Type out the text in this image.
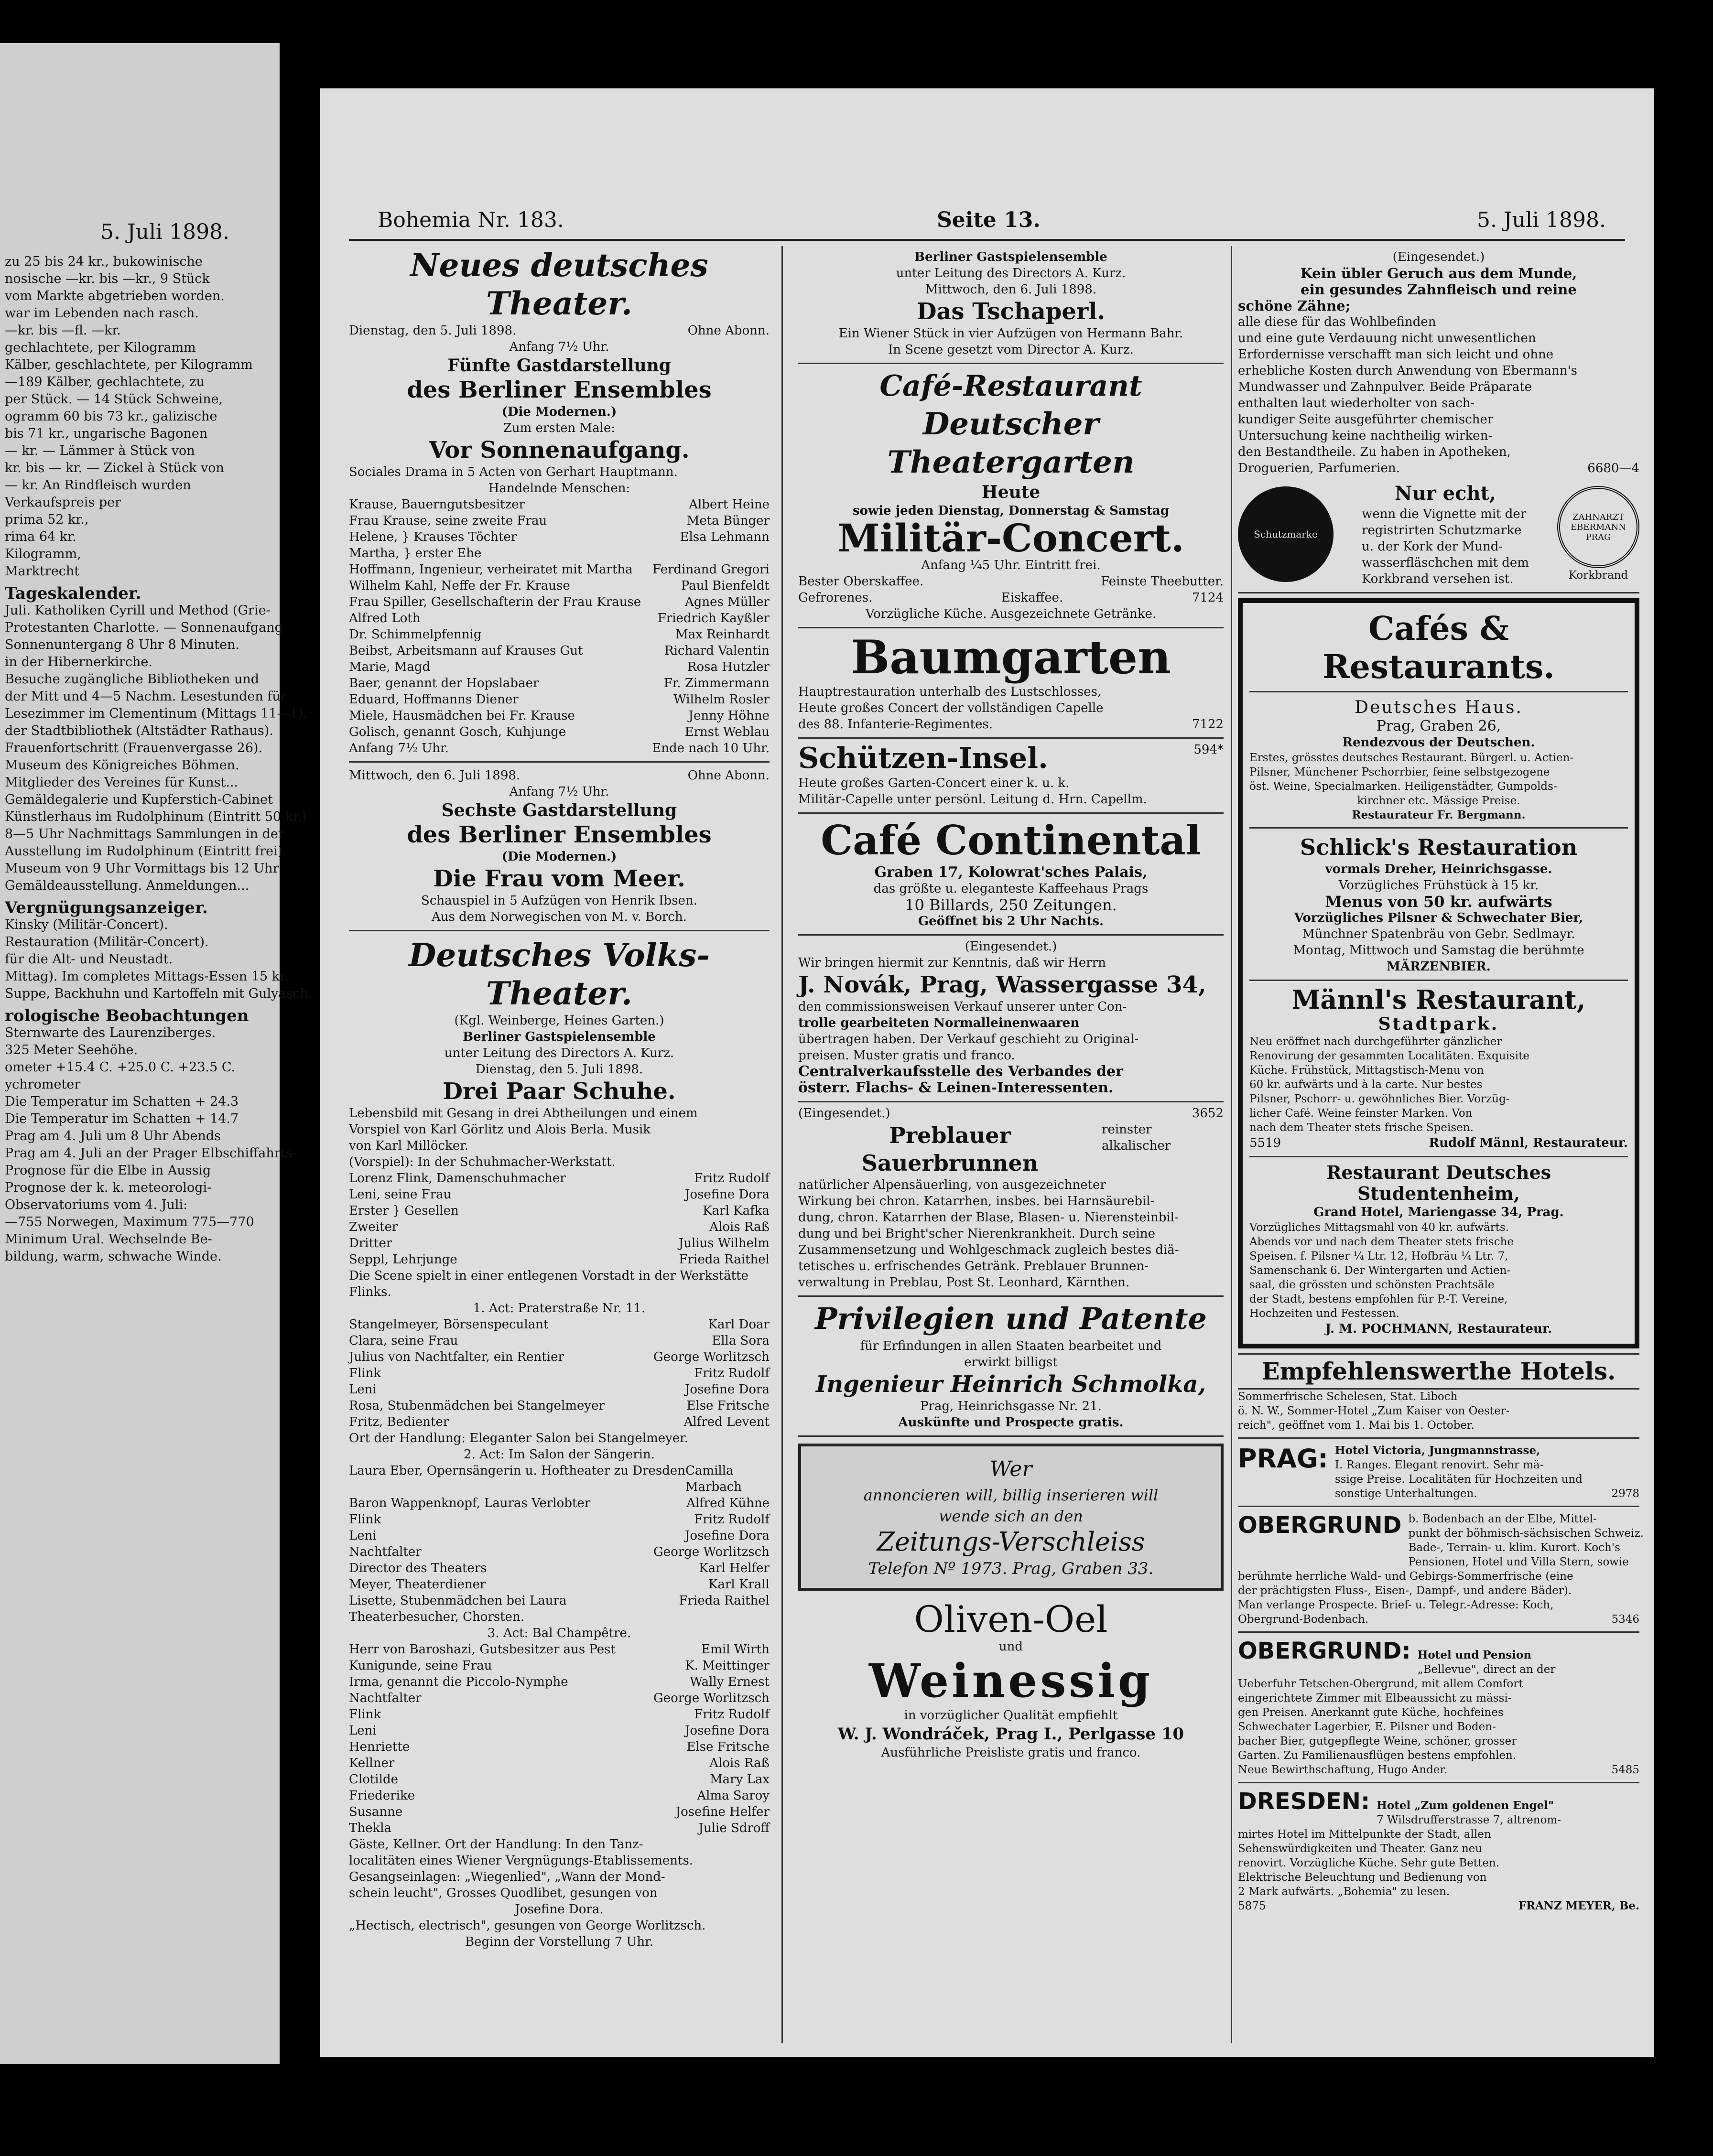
5. Juli 1898.
zu 25 bis 24 kr., bukowinische
nosische —kr. bis —kr., 9 Stück
vom Markte abgetrieben worden.
war im Lebenden nach rasch.
—kr. bis —fl. —kr.
gechlachtete, per Kilogramm
Kälber, geschlachtete, per Kilogramm
—189 Kälber, gechlachtete, zu
per Stück. — 14 Stück Schweine,
ogramm 60 bis 73 kr., galizische
bis 71 kr., ungarische Bagonen
— kr. — Lämmer à Stück von
kr. bis — kr. — Zickel à Stück von
— kr. An Rindfleisch wurden
Verkaufspreis per
prima 52 kr.,
rima 64 kr.
Kilogramm,
Marktrecht
Tageskalender.
Juli. Katholiken Cyrill und Method (Grie-
Protestanten Charlotte. — Sonnenaufgang
Sonnenuntergang 8 Uhr 8 Minuten.
in der Hibernerkirche.
Besuche zugängliche Bibliotheken und
der Mitt und 4—5 Nachm. Lesestunden für
Lesezimmer im Clementinum (Mittags 11—1).
der Stadtbibliothek (Altstädter Rathaus).
Frauenfortschritt (Frauenvergasse 26).
Museum des Königreiches Böhmen.
Mitglieder des Vereines für Kunst...
Gemäldegalerie und Kupferstich-Cabinet
Künstlerhaus im Rudolphinum (Eintritt 50 kr.)
8—5 Uhr Nachmittags Sammlungen in der
Ausstellung im Rudolphinum (Eintritt frei).
Museum von 9 Uhr Vormittags bis 12 Uhr
Gemäldeausstellung. Anmeldungen...
Vergnügungsanzeiger.
Kinsky (Militär-Concert).
Restauration (Militär-Concert).
für die Alt- und Neustadt.
Mittag). Im completes Mittags-Essen 15 kr.
Suppe, Backhuhn und Kartoffeln mit Gulyasch.
rologische Beobachtungen
Sternwarte des Laurenziberges.
325 Meter Seehöhe.
ometer +15.4 C. +25.0 C. +23.5 C.
ychrometer
Die Temperatur im Schatten + 24.3
Die Temperatur im Schatten + 14.7
Prag am 4. Juli um 8 Uhr Abends
Prag am 4. Juli an der Prager Elbschiffahrts-
Prognose für die Elbe in Aussig
Prognose der k. k. meteorologi-
Observatoriums vom 4. Juli:
—755 Norwegen, Maximum 775—770
Minimum Ural. Wechselnde Be-
bildung, warm, schwache Winde.
Bohemia Nr. 183.	Seite 13.	5. Juli 1898.
Neues deutsches Theater.
Dienstag, den 5. Juli 1898.	Ohne Abonn.
Anfang 7½ Uhr.
Fünfte Gastdarstellung
des Berliner Ensembles
(Die Modernen.)
Zum ersten Male:
Vor Sonnenaufgang.
Sociales Drama in 5 Acten von Gerhart Hauptmann.
Handelnde Menschen:
Krause, Bauerngutsbesitzer	Albert Heine
Frau Krause, seine zweite Frau	Meta Bünger
Helene, } Krauses Töchter	Elsa Lehmann
Martha, } erster Ehe
Hoffmann, Ingenieur, verheiratet mit Martha Ferdinand Gregori
Wilhelm Kahl, Neffe der Fr. Krause	Paul Bienfeldt
Frau Spiller, Gesellschafterin der Frau Krause	Agnes Müller
Alfred Loth	Friedrich Kayßler
Dr. Schimmelpfennig	Max Reinhardt
Beibst, Arbeitsmann auf Krauses Gut	Richard Valentin
Marie, Magd	Rosa Hutzler
Baer, genannt der Hopslabaer	Fr. Zimmermann
Eduard, Hoffmanns Diener	Wilhelm Rosler
Miele, Hausmädchen bei Fr. Krause	Jenny Höhne
Golisch, genannt Gosch, Kuhjunge	Ernst Weblau
Anfang 7½ Uhr.	Ende nach 10 Uhr.
Mittwoch, den 6. Juli 1898.	Ohne Abonn.
Anfang 7½ Uhr.
Sechste Gastdarstellung
des Berliner Ensembles
(Die Modernen.)
Die Frau vom Meer.
Schauspiel in 5 Aufzügen von Henrik Ibsen.
Aus dem Norwegischen von M. v. Borch.
Deutsches Volks-Theater.
(Kgl. Weinberge, Heines Garten.)
Berliner Gastspielensemble
unter Leitung des Directors A. Kurz.
Dienstag, den 5. Juli 1898.
Drei Paar Schuhe.
Lebensbild mit Gesang in drei Abtheilungen und einem
Vorspiel von Karl Görlitz und Alois Berla. Musik
von Karl Millöcker.
(Vorspiel): In der Schuhmacher-Werkstatt.
Lorenz Flink, Damenschuhmacher	Fritz Rudolf
Leni, seine Frau	Josefine Dora
Erster } Gesellen	Karl Kafka
Zweiter	Alois Raß
Dritter	Julius Wilhelm
Seppl, Lehrjunge	Frieda Raithel
Die Scene spielt in einer entlegenen Vorstadt in der Werkstätte Flinks.
1. Act: Praterstraße Nr. 11.
Stangelmeyer, Börsenspeculant	Karl Doar
Clara, seine Frau	Ella Sora
Julius von Nachtfalter, ein Rentier	George Worlitzsch
Flink	Fritz Rudolf
Leni	Josefine Dora
Rosa, Stubenmädchen bei Stangelmeyer	Else Fritsche
Fritz, Bedienter	Alfred Levent
Ort der Handlung: Eleganter Salon bei Stangelmeyer.
2. Act: Im Salon der Sängerin.
Laura Eber, Opernsängerin u. Hoftheater zu Dresden Camilla Marbach
Baron Wappenknopf, Lauras Verlobter	Alfred Kühne
Flink	Fritz Rudolf
Leni	Josefine Dora
Nachtfalter	George Worlitzsch
Director des Theaters	Karl Helfer
Meyer, Theaterdiener	Karl Krall
Lisette, Stubenmädchen bei Laura	Frieda Raithel
Theaterbesucher, Chorsten.
3. Act: Bal Champêtre.
Herr von Baroshazi, Gutsbesitzer aus Pest	Emil Wirth
Kunigunde, seine Frau	K. Meittinger
Irma, genannt die Piccolo-Nymphe	Wally Ernest
Nachtfalter	George Worlitzsch
Flink	Fritz Rudolf
Leni	Josefine Dora
Henriette	Else Fritsche
Kellner	Alois Raß
Clotilde	Mary Lax
Friederike	Alma Saroy
Susanne	Josefine Helfer
Thekla	Julie Sdroff
Gäste, Kellner. Ort der Handlung: In den Tanz-
localitäten eines Wiener Vergnügungs-Etablissements.
Gesangseinlagen: „Wiegenlied", „Wann der Mond-
schein leucht", Grosses Quodlibet, gesungen von
Josefine Dora.
„Hectisch, electrisch", gesungen von George Worlitzsch.
Beginn der Vorstellung 7 Uhr.
Berliner Gastspielensemble
unter Leitung des Directors A. Kurz.
Mittwoch, den 6. Juli 1898.
Das Tschaperl.
Ein Wiener Stück in vier Aufzügen von Hermann Bahr.
In Scene gesetzt vom Director A. Kurz.
Café-Restaurant
Deutscher Theatergarten
Heute
sowie jeden Dienstag, Donnerstag & Samstag
Militär-Concert.
Anfang ¼5 Uhr. Eintritt frei.
Bester Oberskaffee.	Feinste Theebutter.
Gefrorenes.	Eiskaffee.	7124
Vorzügliche Küche. Ausgezeichnete Getränke.
Baumgarten
Hauptrestauration unterhalb des Lustschlosses,
Heute großes Concert der vollständigen Capelle
des 88. Infanterie-Regimentes.	7122
Schützen-Insel.	594*
Heute großes Garten-Concert einer k. u. k.
Militär-Capelle unter persönl. Leitung d. Hrn. Capellm.
Café Continental
Graben 17, Kolowrat'sches Palais,
das größte u. eleganteste Kaffeehaus Prags
10 Billards, 250 Zeitungen.
Geöffnet bis 2 Uhr Nachts.
(Eingesendet.)
Wir bringen hiermit zur Kenntnis, daß wir Herrn
J. Novák, Prag, Wassergasse 34,
den commissionsweisen Verkauf unserer unter Con-
trolle gearbeiteten Normalleinenwaaren
übertragen haben. Der Verkauf geschieht zu Original-
preisen. Muster gratis und franco.
Centralverkaufsstelle des Verbandes der
österr. Flachs- & Leinen-Interessenten.
(Eingesendet.)	3652
Preblauer Sauerbrunnen
reinster alkalischer
natürlicher Alpensäuerling, von ausgezeichneter
Wirkung bei chron. Katarrhen, insbes. bei Harnsäurebil-
dung, chron. Katarrhen der Blase, Blasen- u. Nierensteinbil-
dung und bei Bright'scher Nierenkrankheit. Durch seine
Zusammensetzung und Wohlgeschmack zugleich bestes diä-
tetisches u. erfrischendes Getränk. Preblauer Brunnen-
verwaltung in Preblau, Post St. Leonhard, Kärnthen.
Privilegien und Patente
für Erfindungen in allen Staaten bearbeitet und
erwirkt billigst
Ingenieur Heinrich Schmolka,
Prag, Heinrichsgasse Nr. 21.
Auskünfte und Prospecte gratis.
Wer
annoncieren will, billig inserieren will
wende sich an den
Zeitungs-Verschleiss
Telefon Nº 1973. Prag, Graben 33.
Oliven-Oel
und
Weinessig
in vorzüglicher Qualität empfiehlt
W. J. Wondráček, Prag I., Perlgasse 10
Ausführliche Preisliste gratis und franco.
(Eingesendet.)
Kein übler Geruch aus dem Munde,
ein gesundes Zahnfleisch und reine
schöne Zähne;
alle diese für das Wohlbefinden
und eine gute Verdauung nicht unwesentlichen
Erfordernisse verschafft man sich leicht und ohne
erhebliche Kosten durch Anwendung von Ebermann's
Mundwasser und Zahnpulver. Beide Präparate
enthalten laut wiederholter von sach-
kundiger Seite ausgeführter chemischer
Untersuchung keine nachtheilig wirken-
den Bestandtheile. Zu haben in Apotheken,
Droguerien, Parfumerien.	6680—4
Schutzmarke
Nur echt,
wenn die Vignette mit der
registrirten Schutzmarke
u. der Kork der Mund-
wasserfläschchen mit dem
Korkbrand versehen ist.
ZAHNARZT EBERMANN PRAG
Korkbrand
Cafés & Restaurants.
Deutsches Haus.
Prag, Graben 26,
Rendezvous der Deutschen.
Erstes, grösstes deutsches Restaurant. Bürgerl. u. Actien-
Pilsner, Münchener Pschorrbier, feine selbstgezogene
öst. Weine, Specialmarken. Heiligenstädter, Gumpolds-
kirchner etc. Mässige Preise.
Restaurateur Fr. Bergmann.
Schlick's Restauration
vormals Dreher, Heinrichsgasse.
Vorzügliches Frühstück à 15 kr.
Menus von 50 kr. aufwärts
Vorzügliches Pilsner & Schwechater Bier,
Münchner Spatenbräu von Gebr. Sedlmayr.
Montag, Mittwoch und Samstag die berühmte
MÄRZENBIER.
Männl's Restaurant,
Stadtpark.
Neu eröffnet nach durchgeführter gänzlicher
Renovirung der gesammten Localitäten. Exquisite
Küche. Frühstück, Mittagstisch-Menu von
60 kr. aufwärts und à la carte. Nur bestes
Pilsner, Pschorr- u. gewöhnliches Bier. Vorzüg-
licher Café. Weine feinster Marken. Von
nach dem Theater stets frische Speisen.
5519	Rudolf Männl, Restaurateur.
Restaurant Deutsches Studentenheim,
Grand Hotel, Mariengasse 34, Prag.
Vorzügliches Mittagsmahl von 40 kr. aufwärts.
Abends vor und nach dem Theater stets frische
Speisen. f. Pilsner ¼ Ltr. 12, Hofbräu ¼ Ltr. 7,
Samenschank 6. Der Wintergarten und Actien-
saal, die grössten und schönsten Prachtsäle
der Stadt, bestens empfohlen für P.-T. Vereine,
Hochzeiten und Festessen.
J. M. POCHMANN, Restaurateur.
Empfehlenswerthe Hotels.
Sommerfrische Schelesen, Stat. Liboch
ö. N. W., Sommer-Hotel „Zum Kaiser von Oester-
reich", geöffnet vom 1. Mai bis 1. October.
PRAG: Hotel Victoria, Jungmannstrasse,
I. Ranges. Elegant renovirt. Sehr mä-
ssige Preise. Localitäten für Hochzeiten und
sonstige Unterhaltungen.	2978
OBERGRUND b. Bodenbach an der Elbe, Mittel-
punkt der böhmisch-sächsischen Schweiz.
Bade-, Terrain- u. klim. Kurort. Koch's
Pensionen, Hotel und Villa Stern, sowie
berühmte herrliche Wald- und Gebirgs-Sommerfrische (eine
der prächtigsten Fluss-, Eisen-, Dampf-, und andere Bäder).
Man verlange Prospecte. Brief- u. Telegr.-Adresse: Koch,
Obergrund-Bodenbach.	5346
OBERGRUND: Hotel und Pension
„Bellevue", direct an der
Ueberfuhr Tetschen-Obergrund, mit allem Comfort
eingerichtete Zimmer mit Elbeaussicht zu mässi-
gen Preisen. Anerkannt gute Küche, hochfeines
Schwechater Lagerbier, E. Pilsner und Boden-
bacher Bier, gutgepflegte Weine, schöner, grosser
Garten. Zu Familienausflügen bestens empfohlen.
Neue Bewirthschaftung, Hugo Ander.	5485
DRESDEN: Hotel „Zum goldenen Engel"
7 Wilsdrufferstrasse 7, altrenom-
mirtes Hotel im Mittelpunkte der Stadt, allen
Sehenswürdigkeiten und Theater. Ganz neu
renovirt. Vorzügliche Küche. Sehr gute Betten.
Elektrische Beleuchtung und Bedienung von
2 Mark aufwärts. „Bohemia" zu lesen.
5875	FRANZ MEYER, Be.
